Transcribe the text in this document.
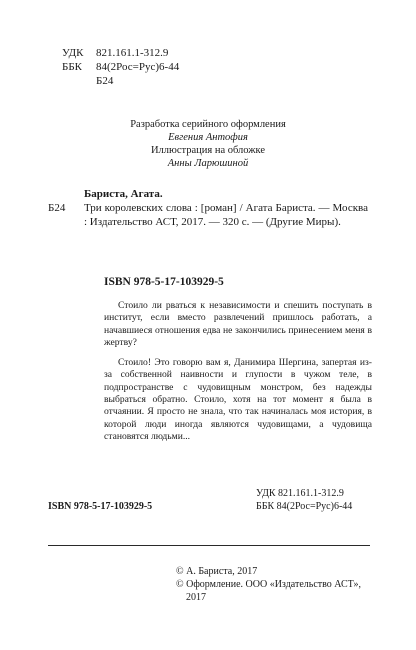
УДК	821.161.1-312.9
ББК	84(2Рос=Рус)6-44
Б24
Разработка серийного оформления
Евгения Антофия
Иллюстрация на обложке
Анны Ларюшиной
Бариста, Агата.
Б24	Три королевских слова : [роман] / Агата Бариста. — Москва : Издательство АСТ, 2017. — 320 с. — (Другие Миры).
ISBN 978-5-17-103929-5

Стоило ли рваться к независимости и спешить поступать в институт, если вместо развлечений пришлось работать, а начавшиеся отношения едва не закончились принесением меня в жертву?

Стоило! Это говорю вам я, Данимира Шергина, запертая из-за собственной наивности и глупости в чужом теле, в подпространстве с чудовищным монстром, без надежды выбраться обратно. Стоило, хотя на тот момент я была в отчаянии. Я просто не знала, что так начиналась моя история, в которой люди иногда являются чудовищами, а чудовища становятся людьми...

УДК 821.161.1-312.9
ББК 84(2Рос=Рус)6-44
ISBN 978-5-17-103929-5
© А. Бариста, 2017
© Оформление. ООО «Издательство АСТ»,
2017
